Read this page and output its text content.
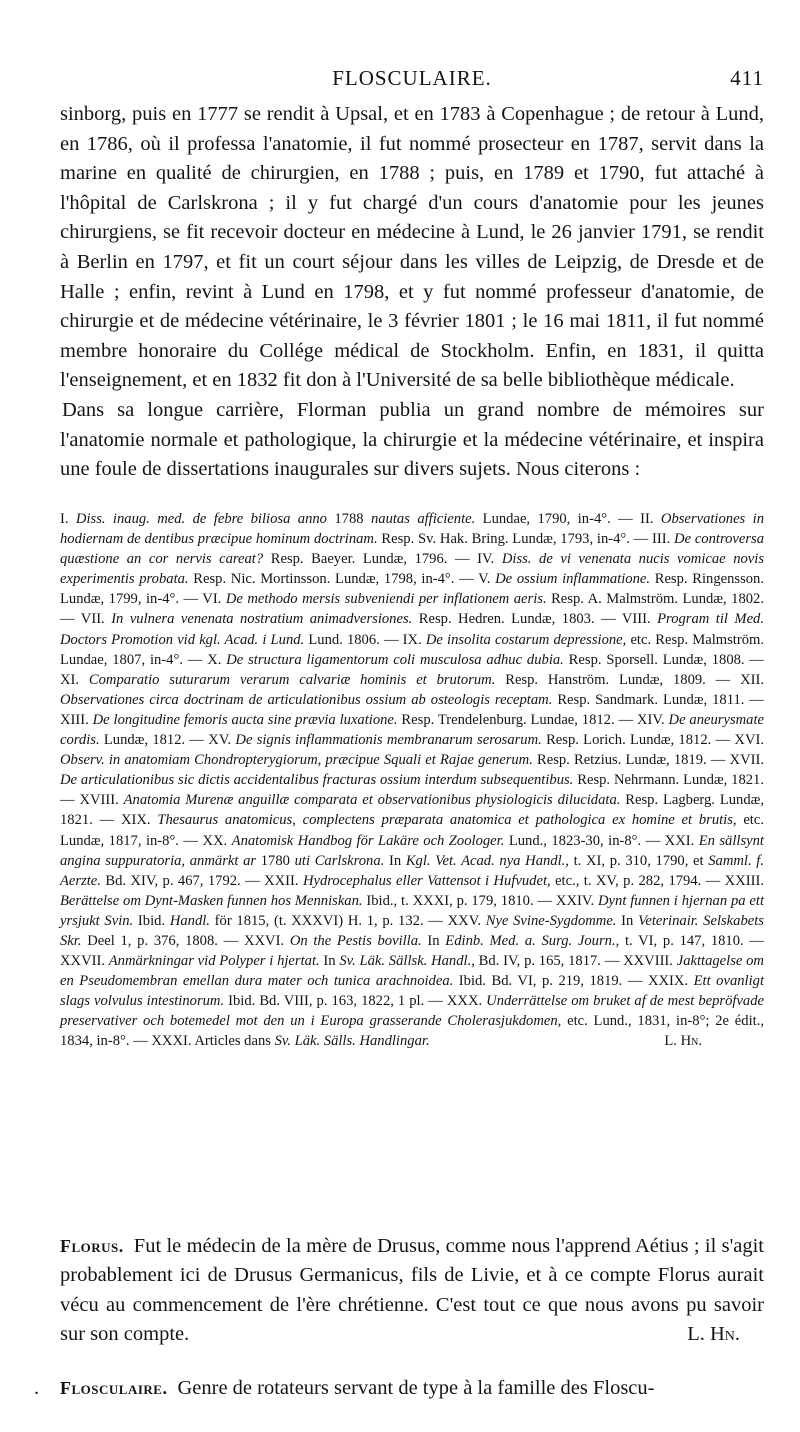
FLOSCULAIRE.	411

sinborg, puis en 1777 se rendit à Upsal, et en 1783 à Copenhague ; de retour à Lund, en 1786, où il professa l'anatomie, il fut nommé prosecteur en 1787, servit dans la marine en qualité de chirurgien, en 1788 ; puis, en 1789 et 1790, fut attaché à l'hôpital de Carlskrona ; il y fut chargé d'un cours d'anatomie pour les jeunes chirurgiens, se fit recevoir docteur en médecine à Lund, le 26 janvier 1791, se rendit à Berlin en 1797, et fit un court séjour dans les villes de Leipzig, de Dresde et de Halle ; enfin, revint à Lund en 1798, et y fut nommé professeur d'anatomie, de chirurgie et de médecine vétérinaire, le 3 février 1801 ; le 16 mai 1811, il fut nommé membre honoraire du Collége médical de Stockholm. Enfin, en 1831, il quitta l'enseignement, et en 1832 fit don à l'Université de sa belle bibliothèque médicale.

Dans sa longue carrière, Florman publia un grand nombre de mémoires sur l'anatomie normale et pathologique, la chirurgie et la médecine vétérinaire, et inspira une foule de dissertations inaugurales sur divers sujets. Nous citerons :

I. Diss. inaug. med. de febre biliosa anno 1788 nautas afficiente. Lundae, 1790, in-4°. — II. Observationes in hodiernam de dentibus præcipue hominum doctrinam. Resp. Sv. Hak. Bring. Lundæ, 1793, in-4°. — III. De controversa quæstione an cor nervis careat? Resp. Baeyer. Lundæ, 1796. — IV. Diss. de vi venenata nucis vomicae novis experimentis probata. Resp. Nic. Mortinsson. Lundæ, 1798, in-4°. — V. De ossium inflammatione. Resp. Ringensson. Lundæ, 1799, in-4°. — VI. De methodo mersis subveniendi per inflationem aeris. Resp. A. Malmström. Lundæ, 1802. — VII. In vulnera venenata nostratium animadversiones. Resp. Hedren. Lundæ, 1803. — VIII. Program til Med. Doctors Promotion vid kgl. Acad. i Lund. Lund. 1806. — IX. De insolita costarum depressione, etc. Resp. Malmström. Lundae, 1807, in-4°. — X. De structura ligamentorum coli musculosa adhuc dubia. Resp. Sporsell. Lundæ, 1808. — XI. Comparatio suturarum verarum calvariæ hominis et brutorum. Resp. Hanström. Lundæ, 1809. — XII. Observationes circa doctrinam de articulationibus ossium ab osteologis receptam. Resp. Sandmark. Lundæ, 1811. — XIII. De longitudine femoris aucta sine prævia luxatione. Resp. Trendelenburg. Lundae, 1812. — XIV. De aneurysmate cordis. Lundæ, 1812. — XV. De signis inflammationis membranarum serosarum. Resp. Lorich. Lundæ, 1812. — XVI. Observ. in anatomiam Chondropterygiorum, præcipue Squali et Rajae generum. Resp. Retzius. Lundæ, 1819. — XVII. De articulationibus sic dictis accidentalibus fracturas ossium interdum subsequentibus. Resp. Nehrmann. Lundæ, 1821. — XVIII. Anatomia Murenæ anguillæ comparata et observationibus physiologicis dilucidata. Resp. Lagberg. Lundæ, 1821. — XIX. Thesaurus anatomicus, complectens præparata anatomica et pathologica ex homine et brutis, etc. Lundæ, 1817, in-8°. — XX. Anatomisk Handbog för Lakäre och Zoologer. Lund., 1823-30, in-8°. — XXI. En sällsynt angina suppuratoria, anmärkt ar 1780 uti Carlskrona. In Kgl. Vet. Acad. nya Handl., t. XI, p. 310, 1790, et Samml. f. Aerzte. Bd. XIV, p. 467, 1792. — XXII. Hydrocephalus eller Vattensot i Hufvudet, etc., t. XV, p. 282, 1794. — XXIII. Berättelse om Dynt-Masken funnen hos Menniskan. Ibid., t. XXXI, p. 179, 1810. — XXIV. Dynt funnen i hjernan pa ett yrsjukt Svin. Ibid. Handl. för 1815, (t. XXXVI) H. 1, p. 132. — XXV. Nye Svine-Sygdomme. In Veterinair. Selskabets Skr. Deel 1, p. 376, 1808. — XXVI. On the Pestis bovilla. In Edinb. Med. a. Surg. Journ., t. VI, p. 147, 1810. — XXVII. Anmärkningar vid Polyper i hjertat. In Sv. Läk. Sällsk. Handl., Bd. IV, p. 165, 1817. — XXVIII. Jakttagelse om en Pseudomembran emellan dura mater och tunica arachnoidea. Ibid. Bd. VI, p. 219, 1819. — XXIX. Ett ovanligt slags volvulus intestinorum. Ibid. Bd. VIII, p. 163, 1822, 1 pl. — XXX. Underrättelse om bruket af de mest bepröfvade preservativer och botemedel mot den un i Europa grasserande Cholerasjukdomen, etc. Lund., 1831, in-8°; 2e édit., 1834, in-8°. — XXXI. Articles dans Sv. Läk. Sälls. Handlingar.	L. Hn.
Florus. Fut le médecin de la mère de Drusus, comme nous l'apprend Aétius ; il s'agit probablement ici de Drusus Germanicus, fils de Livie, et à ce compte Florus aurait vécu au commencement de l'ère chrétienne. C'est tout ce que nous avons pu savoir sur son compte.	L. Hn.
. Flosculaire. Genre de rotateurs servant de type à la famille des Floscu-
